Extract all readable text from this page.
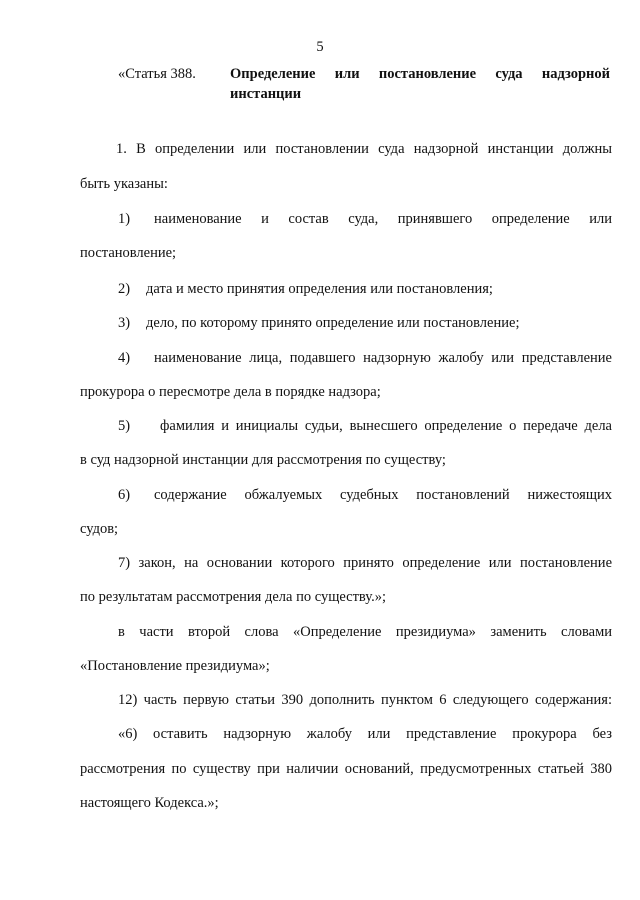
5
«Статья 388. Определение или постановление суда надзорной
инстанции
1. В определении или постановлении суда надзорной инстанции должны
быть указаны:
1) наименование и состав суда, принявшего определение или
постановление;
2) дата и место принятия определения или постановления;
3) дело, по которому принято определение или постановление;
4) наименование лица, подавшего надзорную жалобу или представление
прокурора о пересмотре дела в порядке надзора;
5) фамилия и инициалы судьи, вынесшего определение о передаче дела
в суд надзорной инстанции для рассмотрения по существу;
6) содержание обжалуемых судебных постановлений нижестоящих
судов;
7) закон, на основании которого принято определение или постановление
по результатам рассмотрения дела по существу.»;
в части второй слова «Определение президиума» заменить словами
«Постановление президиума»;
12) часть первую статьи 390 дополнить пунктом 6 следующего содержания:
«6) оставить надзорную жалобу или представление прокурора без
рассмотрения по существу при наличии оснований, предусмотренных статьей 380
настоящего Кодекса.»;
